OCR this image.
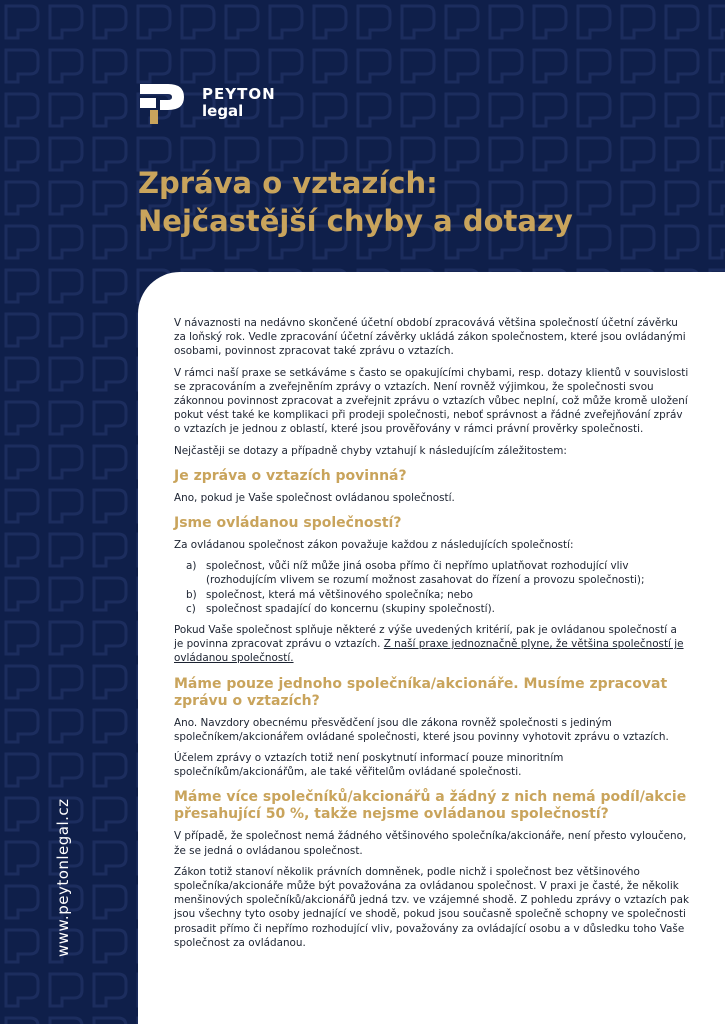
PEYTON
legal
Zpráva o vztazích:
Nejčastější chyby a dotazy
www.peytonlegal.cz

V návaznosti na nedávno skončené účetní období zpracovává většina společností účetní závěrku za loňský rok. Vedle zpracování účetní závěrky ukládá zákon společnostem, které jsou ovládanými osobami, povinnost zpracovat také zprávu o vztazích.

V rámci naší praxe se setkáváme s často se opakujícími chybami, resp. dotazy klientů v souvislosti se zpracováním a zveřejněním zprávy o vztazích. Není rovněž výjimkou, že společnosti svou zákonnou povinnost zpracovat a zveřejnit zprávu o vztazích vůbec neplní, což může kromě uložení pokut vést také ke komplikaci při prodeji společnosti, neboť správnost a řádné zveřejňování zpráv o vztazích je jednou z oblastí, které jsou prověřovány v rámci právní prověrky společnosti.

Nejčastěji se dotazy a případně chyby vztahují k následujícím záležitostem:

Je zpráva o vztazích povinná?

Ano, pokud je Vaše společnost ovládanou společností.

Jsme ovládanou společností?

Za ovládanou společnost zákon považuje každou z následujících společností:

a) společnost, vůči níž může jiná osoba přímo či nepřímo uplatňovat rozhodující vliv (rozhodujícím vlivem se rozumí možnost zasahovat do řízení a provozu společnosti);
b) společnost, která má většinového společníka; nebo
c) společnost spadající do koncernu (skupiny společností).

Pokud Vaše společnost splňuje některé z výše uvedených kritérií, pak je ovládanou společností a je povinna zpracovat zprávu o vztazích. Z naší praxe jednoznačně plyne, že většina společností je ovládanou společností.

Máme pouze jednoho společníka/akcionáře. Musíme zpracovat zprávu o vztazích?

Ano. Navzdory obecnému přesvědčení jsou dle zákona rovněž společnosti s jediným společníkem/akcionářem ovládané společnosti, které jsou povinny vyhotovit zprávu o vztazích.

Účelem zprávy o vztazích totiž není poskytnutí informací pouze minoritním společníkům/akcionářům, ale také věřitelům ovládané společnosti.

Máme více společníků/akcionářů a žádný z nich nemá podíl/akcie přesahující 50 %, takže nejsme ovládanou společností?

V případě, že společnost nemá žádného většinového společníka/akcionáře, není přesto vyloučeno, že se jedná o ovládanou společnost.

Zákon totiž stanoví několik právních domněnek, podle nichž i společnost bez většinového společníka/akcionáře může být považována za ovládanou společnost. V praxi je časté, že několik menšinových společníků/akcionářů jedná tzv. ve vzájemné shodě. Z pohledu zprávy o vztazích pak jsou všechny tyto osoby jednající ve shodě, pokud jsou současně společně schopny ve společnosti prosadit přímo či nepřímo rozhodující vliv, považovány za ovládající osobu a v důsledku toho Vaše společnost za ovládanou.
